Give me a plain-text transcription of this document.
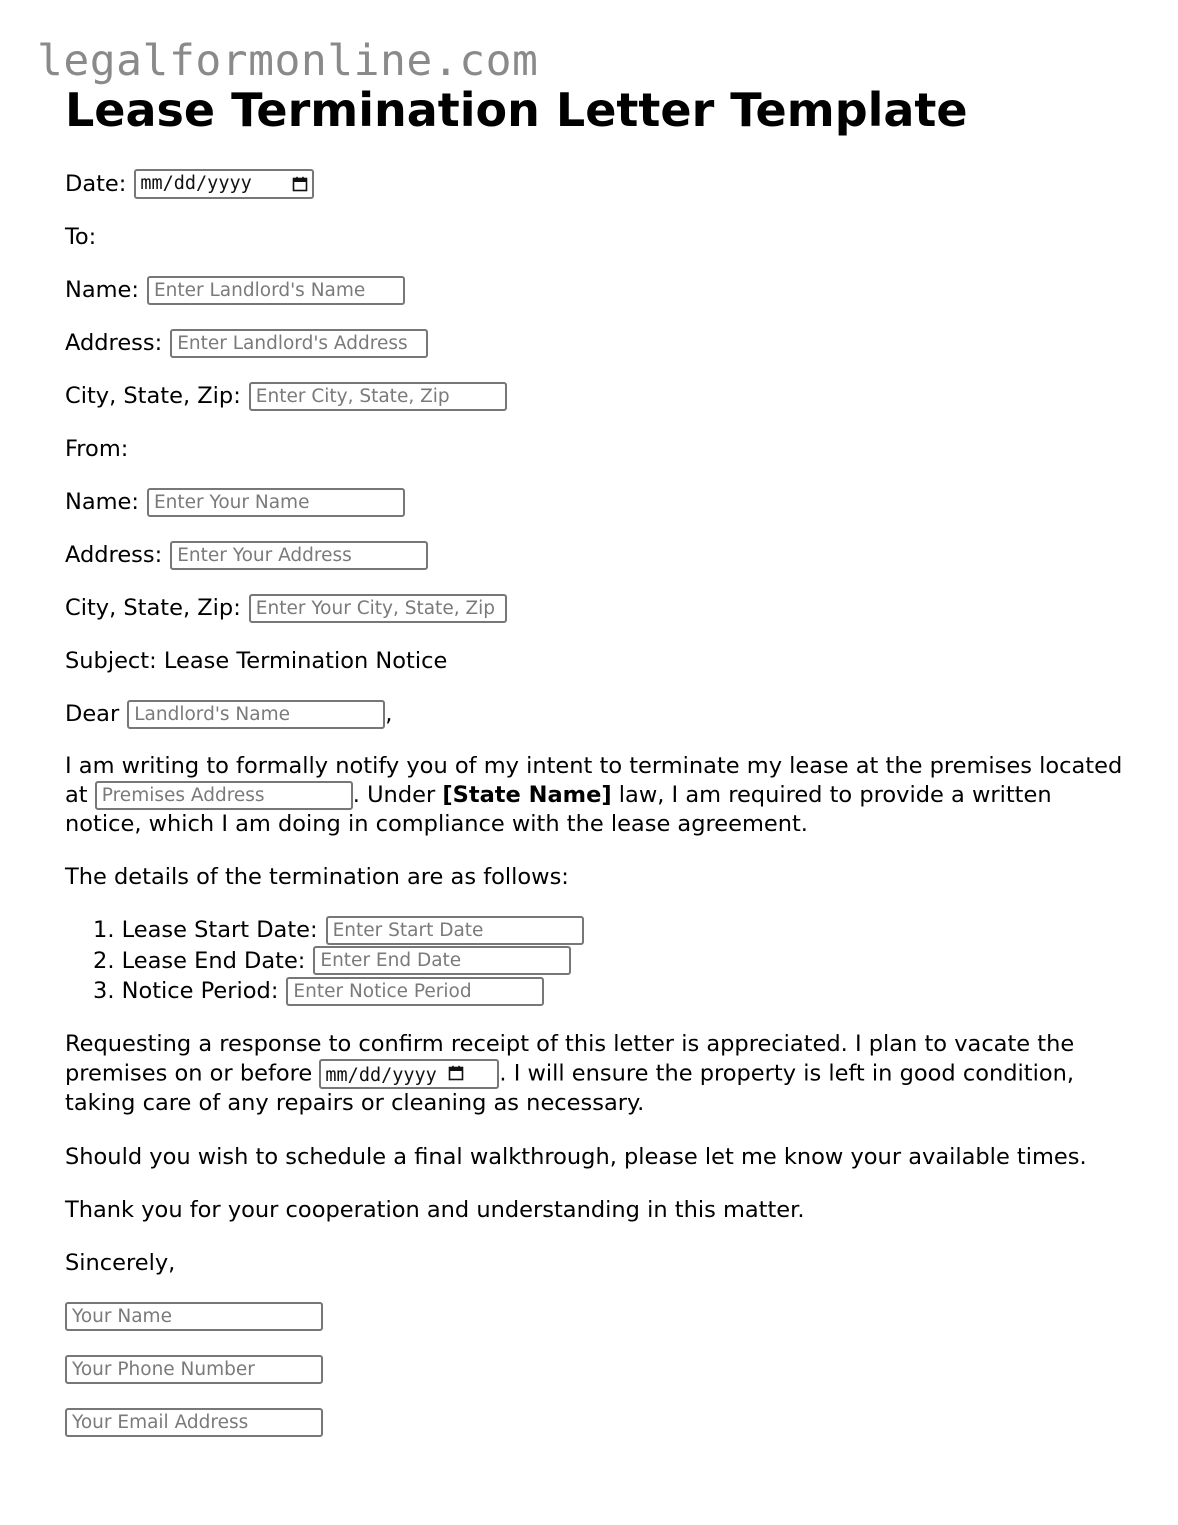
legalformonline.com
Lease Termination Letter Template
Date: mm/dd/yyyy
To:
Name: Enter Landlord's Name
Address: Enter Landlord's Address
City, State, Zip: Enter City, State, Zip
From:
Name: Enter Your Name
Address: Enter Your Address
City, State, Zip: Enter Your City, State, Zip
Subject: Lease Termination Notice
Dear Landlord's Name	,

I am writing to formally notify you of my intent to terminate my lease at the premises located at Premises Address	. Under [State Name] law, I am required to provide a written notice, which I am doing in compliance with the lease agreement.

The details of the termination are as follows:

1.
Lease Start Date: Enter Start Date
2.
Lease End Date: Enter End Date
3.
Notice Period: Enter Notice Period

Requesting a response to confirm receipt of this letter is appreciated. I plan to vacate the premises on or before mm/dd/yyyy	. I will ensure the property is left in good condition, taking care of any repairs or cleaning as necessary.

Should you wish to schedule a final walkthrough, please let me know your available times.

Thank you for your cooperation and understanding in this matter.

Sincerely,

Your Name
Your Phone Number
Your Email Address
